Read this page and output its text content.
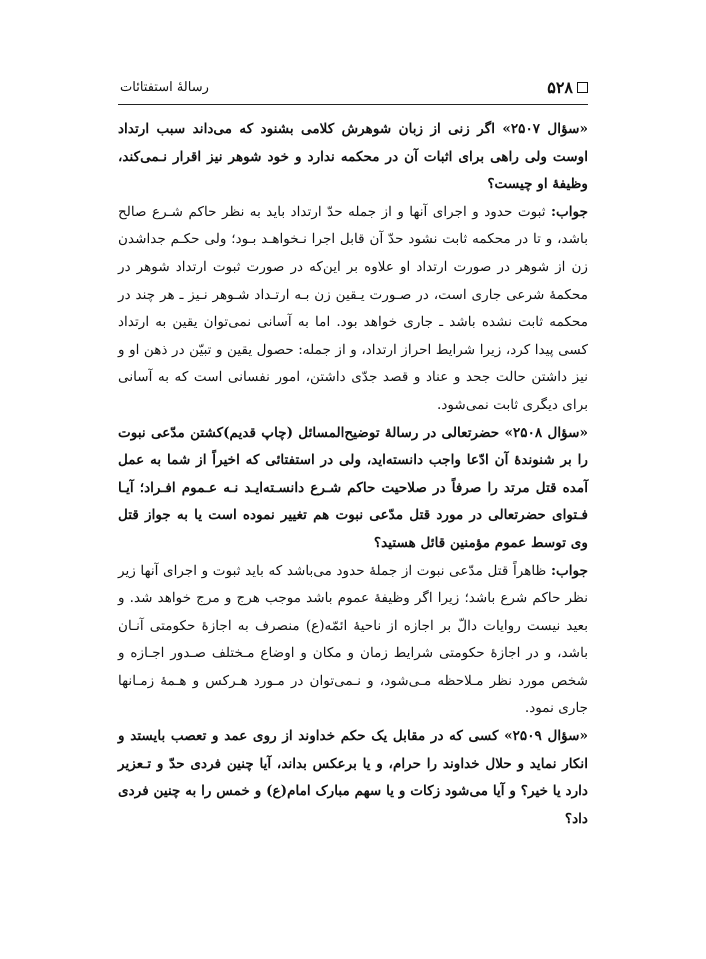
۵۲۸
رسالۀ استفتائات

«سؤال ۲۵۰۷» اگر زنی از زبان شوهرش کلامی بشنود که می‌داند سبب ارتداد اوست ولی راهی برای اثبات آن در محکمه ندارد و خود شوهر نیز اقرار نـمی‌کند، وظیفۀ او چیست؟

جواب: ثبوت حدود و اجرای آنها و از جمله حدّ ارتداد باید به نظر حاکم شـرع صالح باشد، و تا در محکمه ثابت نشود حدّ آن قابل اجرا نـخواهـد بـود؛ ولی حکـم جداشدن زن از شوهر در صورت ارتداد او علاوه بر این‌که در صورت ثبوت ارتداد شوهر در محکمۀ شرعی جاری است، در صـورت یـقین زن بـه ارتـداد شـوهر نـیز ـ هر چند در محکمه ثابت نشده باشد ـ جاری خواهد بود. اما به آسانی نمی‌توان یقین به ارتداد کسی پیدا کرد، زیرا شرایط احراز ارتداد، و از جمله: حصول یقین و تبیّن در ذهن او و نیز داشتن حالت جحد و عناد و قصد جدّی داشتن، امور نفسانی است که به آسانی برای دیگری ثابت نمی‌شود.

«سؤال ۲۵۰۸» حضرتعالی در رسالۀ توضیح‌المسائل (چاپ قدیم)کشتن مدّعی نبوت را بر شنوندۀ آن ادّعا واجب دانسته‌اید، ولی در استفتائی که اخیراً از شما به عمل آمده قتل مرتد را صرفاً در صلاحیت حاکم شـرع دانسـته‌ایـد نـه عـموم افـراد؛ آیـا فـتوای حضرتعالی در مورد قتل مدّعی نبوت هم تغییر نموده است یا به جواز قتل وی توسط عموم مؤمنین قائل هستید؟

جواب: ظاهراً قتل مدّعی نبوت از جملۀ حدود می‌باشد که باید ثبوت و اجرای آنها زیر نظر حاکم شرع باشد؛ زیرا اگر وظیفۀ عموم باشد موجب هرج و مرج خواهد شد. و بعید نیست روایات دالّ بر اجازه از ناحیۀ ائمّه(ع) منصرف به اجازۀ حکومتی آنـان باشد، و در اجازۀ حکومتی شرایط زمان و مکان و اوضاع مـختلف صـدور اجـازه و شخص مورد نظر مـلاحظه مـی‌شود، و نـمی‌توان در مـورد هـرکس و هـمۀ زمـانها جاری نمود.

«سؤال ۲۵۰۹» کسی که در مقابل یک حکم خداوند از روی عمد و تعصب بایستد و انکار نماید و حلال خداوند را حرام، و یا برعکس بداند، آیا چنین فردی حدّ و تـعزیر دارد یا خیر؟ و آیا می‌شود زکات و یا سهم مبارک امام(ع) و خمس را به چنین فردی داد؟
